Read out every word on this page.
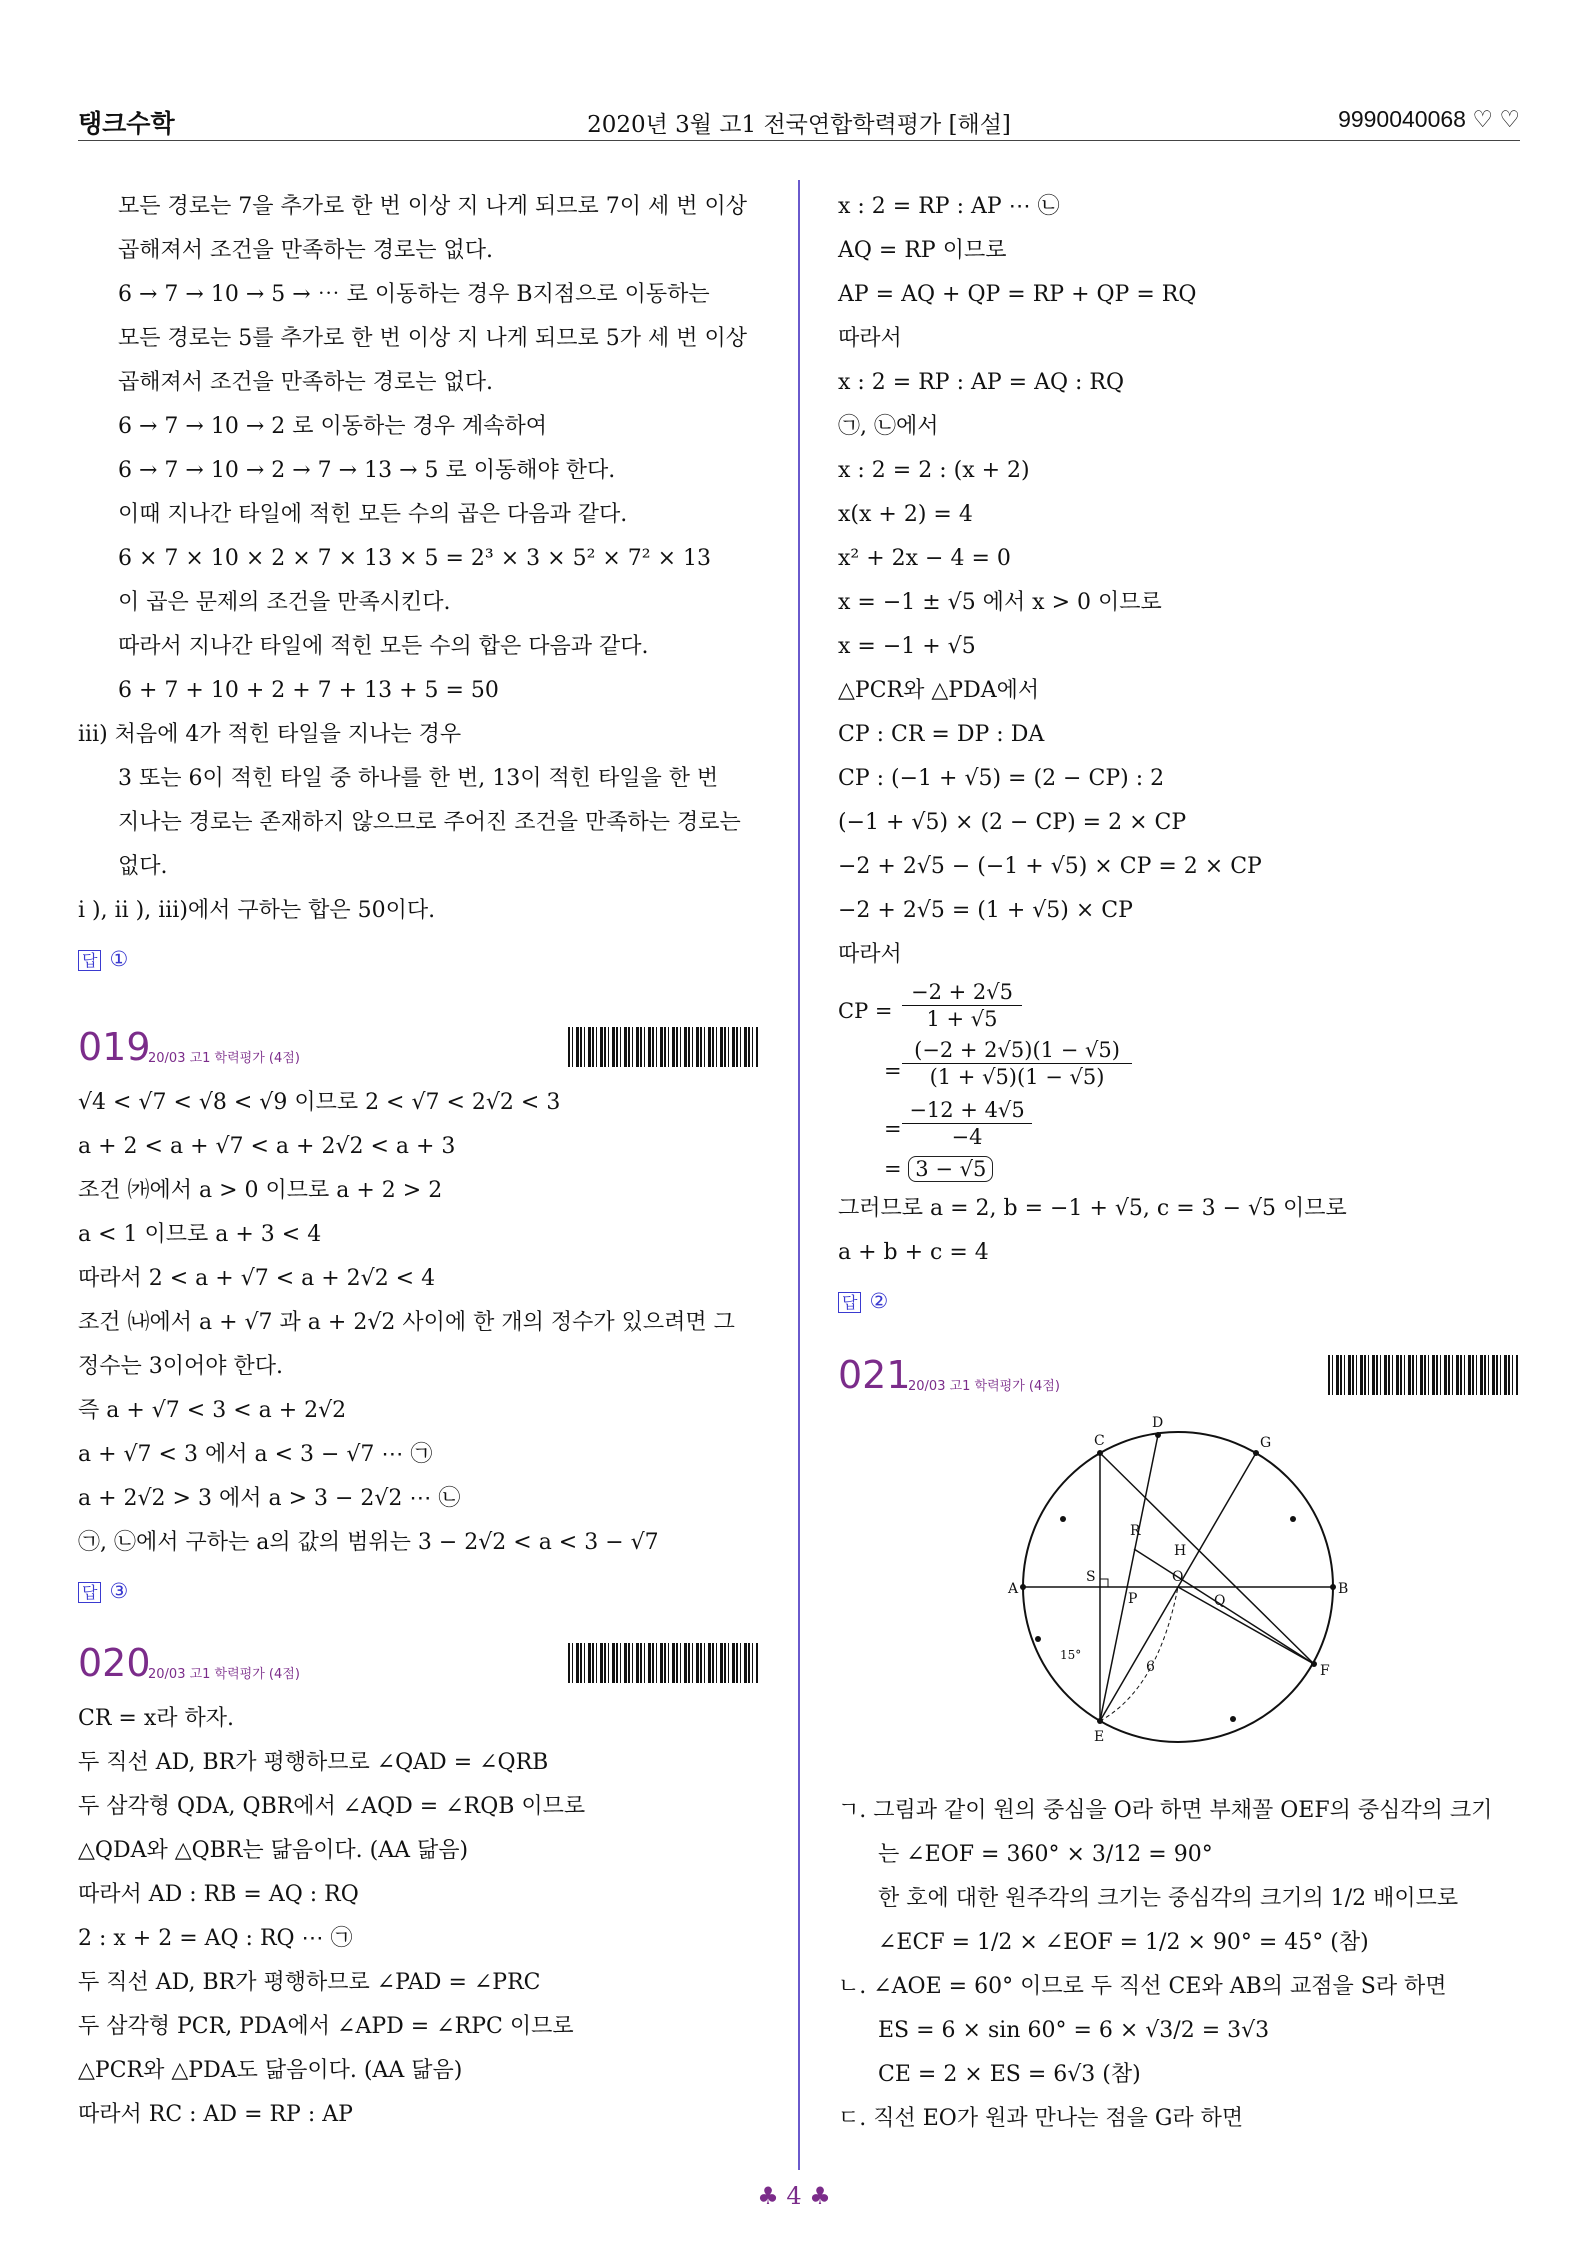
탱크수학	2020년 3월 고1 전국연합학력평가 [해설]	9990040068 ♡ ♡
모든 경로는 7을 추가로 한 번 이상 지 나게 되므로 7이 세 번 이상
곱해져서 조건을 만족하는 경로는 없다.
6 → 7 → 10 → 5 → ⋯ 로 이동하는 경우 B지점으로 이동하는
모든 경로는 5를 추가로 한 번 이상 지 나게 되므로 5가 세 번 이상
곱해져서 조건을 만족하는 경로는 없다.
6 → 7 → 10 → 2 로 이동하는 경우 계속하여
6 → 7 → 10 → 2 → 7 → 13 → 5 로 이동해야 한다.
이때 지나간 타일에 적힌 모든 수의 곱은 다음과 같다.
6 × 7 × 10 × 2 × 7 × 13 × 5 = 2³ × 3 × 5² × 7² × 13
이 곱은 문제의 조건을 만족시킨다.
따라서 지나간 타일에 적힌 모든 수의 합은 다음과 같다.
6 + 7 + 10 + 2 + 7 + 13 + 5 = 50
iii) 처음에 4가 적힌 타일을 지나는 경우
3 또는 6이 적힌 타일 중 하나를 한 번, 13이 적힌 타일을 한 번
지나는 경로는 존재하지 않으므로 주어진 조건을 만족하는 경로는
없다.
i ), ii ), iii)에서 구하는 합은 50이다.
답 ①
019
20/03 고1 학력평가 (4점)
√4 < √7 < √8 < √9 이므로 2 < √7 < 2√2 < 3
a + 2 < a + √7 < a + 2√2 < a + 3
조건 ㈎에서 a > 0 이므로 a + 2 > 2
a < 1 이므로 a + 3 < 4
따라서 2 < a + √7 < a + 2√2 < 4
조건 ㈏에서 a + √7 과 a + 2√2 사이에 한 개의 정수가 있으려면 그
정수는 3이어야 한다.
즉 a + √7 < 3 < a + 2√2
a + √7 < 3 에서 a < 3 − √7 ⋯ ㉠
a + 2√2 > 3 에서 a > 3 − 2√2 ⋯ ㉡
㉠, ㉡에서 구하는 a의 값의 범위는 3 − 2√2 < a < 3 − √7
답 ③
020
20/03 고1 학력평가 (4점)
CR = x라 하자.
두 직선 AD, BR가 평행하므로 ∠QAD = ∠QRB
두 삼각형 QDA, QBR에서 ∠AQD = ∠RQB 이므로
△QDA와 △QBR는 닮음이다. (AA 닮음)
따라서 AD : RB = AQ : RQ
2 : x + 2 = AQ : RQ ⋯ ㉠
두 직선 AD, BR가 평행하므로 ∠PAD = ∠PRC
두 삼각형 PCR, PDA에서 ∠APD = ∠RPC 이므로
△PCR와 △PDA도 닮음이다. (AA 닮음)
따라서 RC : AD = RP : AP
x : 2 = RP : AP ⋯ ㉡
AQ = RP 이므로
AP = AQ + QP = RP + QP = RQ
따라서
x : 2 = RP : AP = AQ : RQ
㉠, ㉡에서
x : 2 = 2 : (x + 2)
x(x + 2) = 4
x² + 2x − 4 = 0
x = −1 ± √5 에서 x > 0 이므로
x = −1 + √5
△PCR와 △PDA에서
CP : CR = DP : DA
CP : (−1 + √5) = (2 − CP) : 2
(−1 + √5) × (2 − CP) = 2 × CP
−2 + 2√5 − (−1 + √5) × CP = 2 × CP
−2 + 2√5 = (1 + √5) × CP
따라서
CP = $\frac{-2 + 2√5}{1 + √5}$
= $\frac{(-2 + 2√5)(1 - √5)}{(1 + √5)(1 - √5)}$
= $\frac{-12 + 4√5}{-4}$
= 3 − √5
그러므로 a = 2, b = −1 + √5, c = 3 − √5 이므로
a + b + c = 4
답 ②
021
20/03 고1 학력평가 (4점)
C
D
G
R
H
A
S
P
O
Q
B
15°
6	F
E
ㄱ. 그림과 같이 원의 중심을 O라 하면 부채꼴 OEF의 중심각의 크기
는 ∠EOF = 360° × 3/12 = 90°
한 호에 대한 원주각의 크기는 중심각의 크기의 1/2 배이므로
∠ECF = 1/2 × ∠EOF = 1/2 × 90° = 45° (참)
ㄴ. ∠AOE = 60° 이므로 두 직선 CE와 AB의 교점을 S라 하면
ES = 6 × sin 60° = 6 × √3/2 = 3√3
CE = 2 × ES = 6√3 (참)
ㄷ. 직선 EO가 원과 만나는 점을 G라 하면
♣ 4 ♣
